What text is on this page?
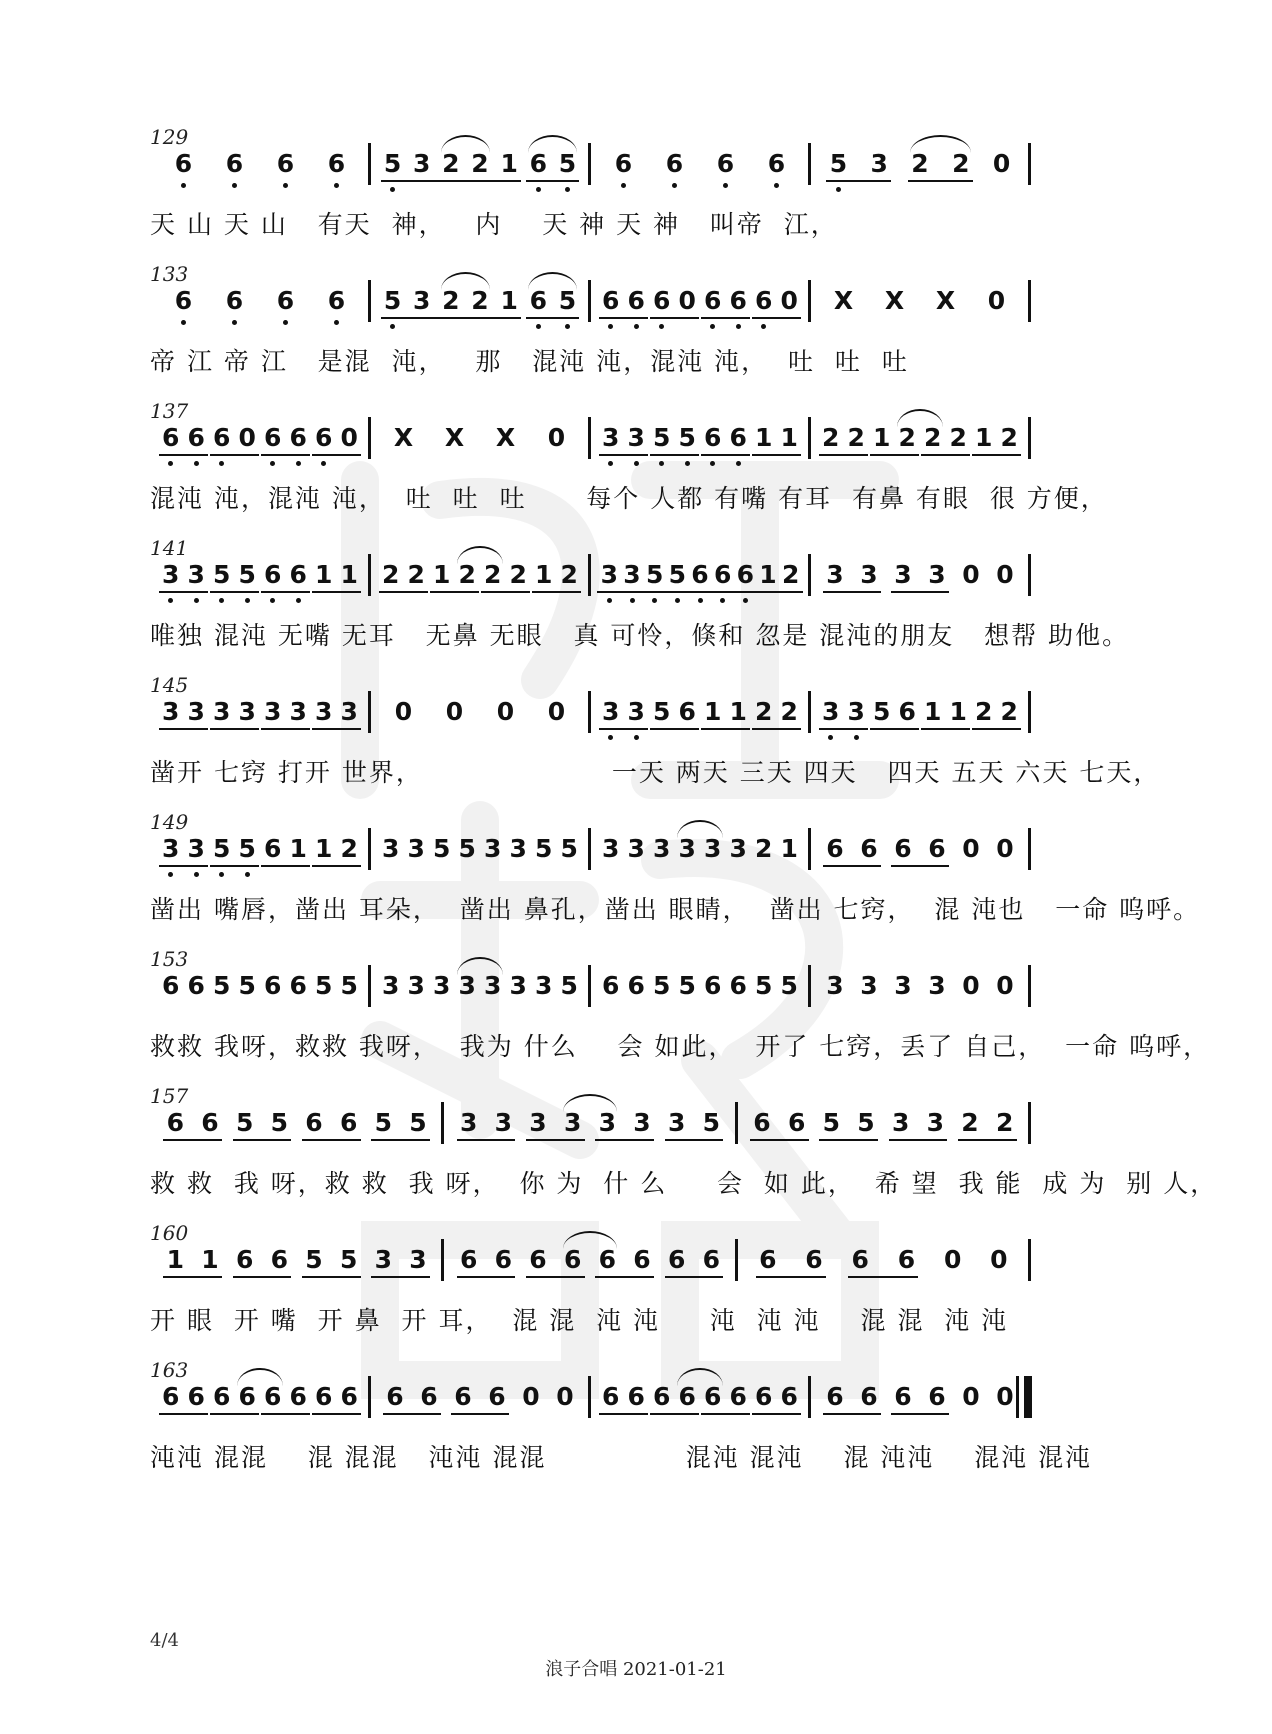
129
6 6 6 6 5 3 2 2 1 6 5 6 6 6 6 5 3 2 2 0
天 山 天 山   有天  神，   内    天 神 天 神   叫帝  江，
133
6 6 6 6 5 3 2 2 1 6 5 6 6 6 0 6 6 6 0 X X X 0
帝 江 帝 江   是混  沌，   那   混沌 沌，混沌 沌，  吐  吐  吐
137
6 6 6 0 6 6 6 0 X X X 0 3 3 5 5 6 6 1 1 2 2 1 2 2 2 1 2
混沌 沌，混沌 沌，  吐  吐  吐      每个 人都 有嘴 有耳  有鼻 有眼  很 方便，
141
3 3 5 5 6 6 1 1 2 2 1 2 2 2 1 2 3 3 5 5 6 6 6 1 2 3 3 3 3 0 0
唯独 混沌 无嘴 无耳   无鼻 无眼   真 可怜，倏和 忽是 混沌的朋友   想帮 助他。
145
3 3 3 3 3 3 3 3 0 0 0 0 3 3 5 6 1 1 2 2 3 3 5 6 1 1 2 2
凿开 七窍 打开 世界，                   一天 两天 三天 四天   四天 五天 六天 七天，
149
3 3 5 5 6 1 1 2 3 3 5 5 3 3 5 5 3 3 3 3 3 3 2 1 6 6 6 6 0 0
凿出 嘴唇，凿出 耳朵，  凿出 鼻孔，凿出 眼睛，  凿出 七窍，  混 沌也   一命 呜呼。
153
6 6 5 5 6 6 5 5 3 3 3 3 3 3 3 5 6 6 5 5 6 6 5 5 3 3 3 3 0 0
救救 我呀，救救 我呀，  我为 什么    会 如此，  开了 七窍，丢了 自己，  一命 呜呼，
157
6 6 5 5 6 6 5 5 3 3 3 3 3 3 3 5 6 6 5 5 3 3 2 2
救 救  我 呀，救 救  我 呀，  你 为  什 么     会  如 此，  希 望  我 能  成 为  别 人，
160
1 1 6 6 5 5 3 3 6 6 6 6 6 6 6 6 6 6 6 6 0 0
开 眼  开 嘴  开 鼻  开 耳，  混 混  沌 沌     沌  沌 沌    混 混  沌 沌
163
6 6 6 6 6 6 6 6 6 6 6 6 0 0 6 6 6 6 6 6 6 6 6 6 6 6 0 0
沌沌 混混    混 混混   沌沌 混混              混沌 混沌    混 沌沌    混沌 混沌
4/4
浪子合唱 2021-01-21
